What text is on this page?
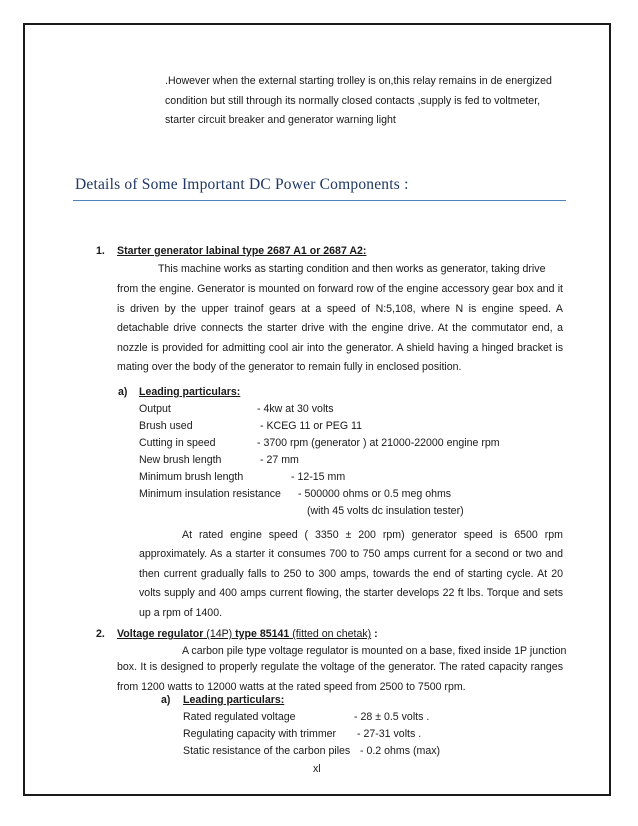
.However when the external starting trolley is on,this relay remains in de energized
condition but still through its normally closed contacts ,supply is fed to voltmeter,
starter circuit breaker and generator warning light
Details of Some Important DC Power Components :
1. Starter generator labinal type 2687 A1 or 2687 A2:
This machine works as starting condition and then works as generator, taking drive
from the engine. Generator is mounted on forward row of the engine accessory gear box and it
is driven by the upper trainof gears at a speed of N:5,108, where N is engine speed. A
detachable drive connects the starter drive with the engine drive. At the commutator end, a
nozzle is provided for admitting cool air into the generator. A shield having a hinged bracket is
mating over the body of the generator to remain fully in enclosed position.
a) Leading particulars:
Output	- 4kw at 30 volts
Brush used	- KCEG 11 or PEG 11
Cutting in speed	- 3700 rpm (generator ) at 21000-22000 engine rpm
New brush length	- 27 mm
Minimum brush length	- 12-15 mm
Minimum insulation resistance - 500000 ohms or 0.5 meg ohms
(with 45 volts dc insulation tester)
At rated engine speed ( 3350 ± 200 rpm) generator speed is 6500 rpm
approximately. As a starter it consumes 700 to 750 amps current for a second or two and
then current gradually falls to 250 to 300 amps, towards the end of starting cycle. At 20
volts supply and 400 amps current flowing, the starter develops 22 ft lbs. Torque and sets
up a rpm of 1400.
2. Voltage regulator (14P) type 85141 (fitted on chetak) :
A carbon pile type voltage regulator is mounted on a base, fixed inside 1P junction
box. It is designed to properly regulate the voltage of the generator. The rated capacity ranges
from 1200 watts to 12000 watts at the rated speed from 2500 to 7500 rpm.
a) Leading particulars:
Rated regulated voltage	- 28 ± 0.5 volts .
Regulating capacity with trimmer - 27-31 volts .
Static resistance of the carbon piles - 0.2 ohms (max)
xl
